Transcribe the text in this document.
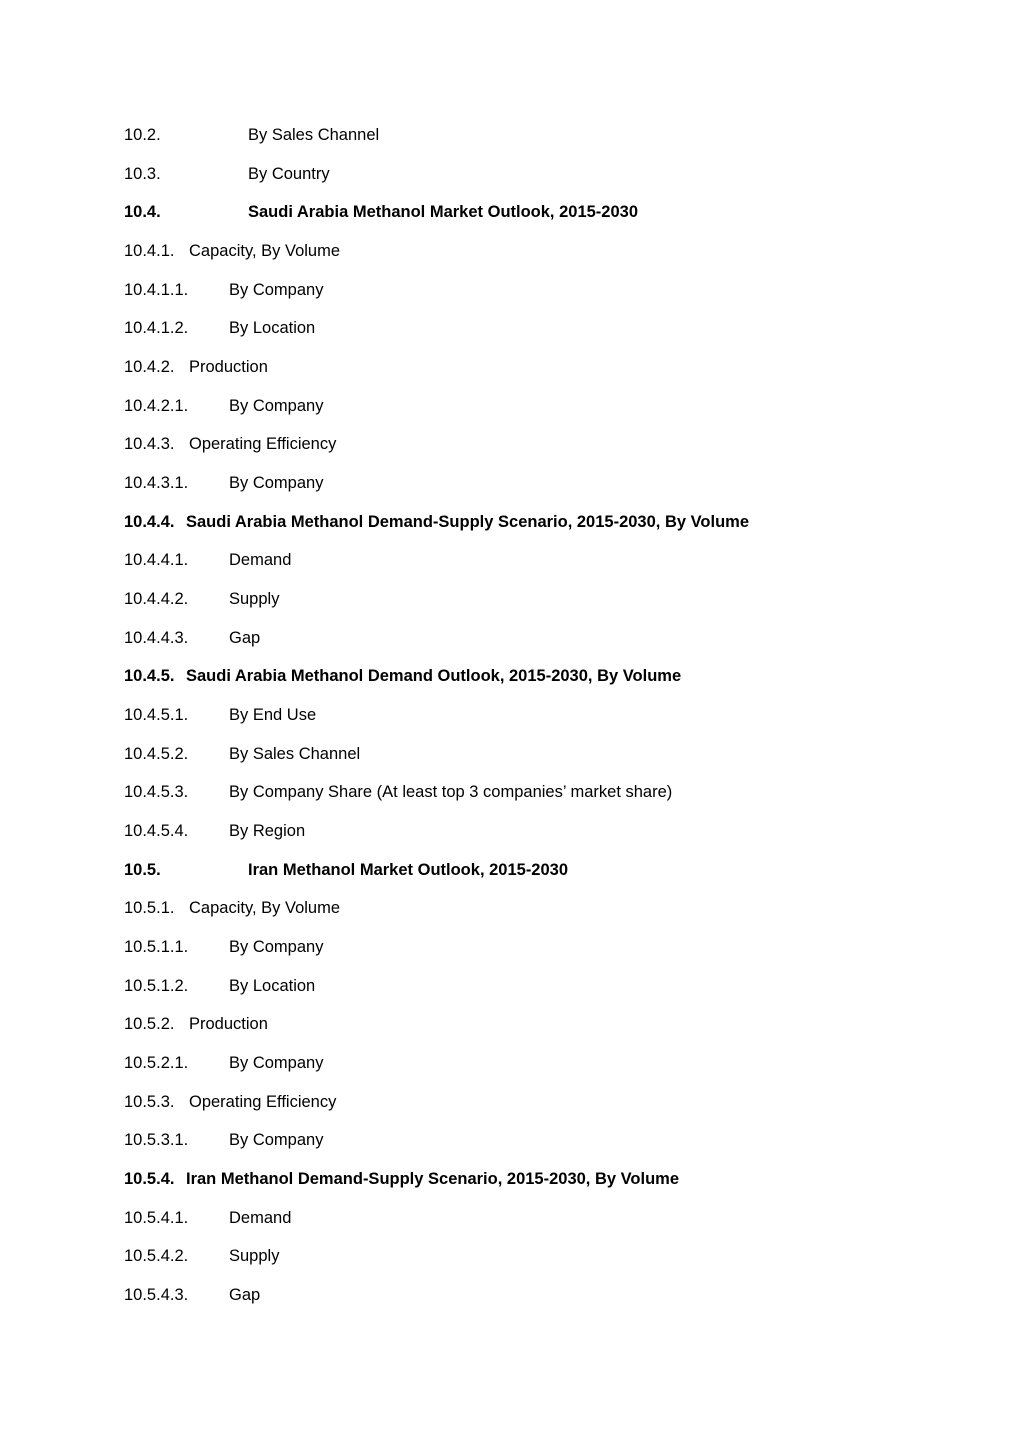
10.2.	By Sales Channel
10.3.	By Country
10.4.	Saudi Arabia Methanol Market Outlook, 2015-2030
10.4.1. Capacity, By Volume
10.4.1.1. By Company
10.4.1.2. By Location
10.4.2. Production
10.4.2.1. By Company
10.4.3. Operating Efficiency
10.4.3.1. By Company
10.4.4. Saudi Arabia Methanol Demand-Supply Scenario, 2015-2030, By Volume
10.4.4.1. Demand
10.4.4.2. Supply
10.4.4.3. Gap
10.4.5. Saudi Arabia Methanol Demand Outlook, 2015-2030, By Volume
10.4.5.1. By End Use
10.4.5.2. By Sales Channel
10.4.5.3. By Company Share (At least top 3 companies’ market share)
10.4.5.4. By Region
10.5.	Iran Methanol Market Outlook, 2015-2030
10.5.1. Capacity, By Volume
10.5.1.1. By Company
10.5.1.2. By Location
10.5.2. Production
10.5.2.1. By Company
10.5.3. Operating Efficiency
10.5.3.1. By Company
10.5.4. Iran Methanol Demand-Supply Scenario, 2015-2030, By Volume
10.5.4.1. Demand
10.5.4.2. Supply
10.5.4.3. Gap
